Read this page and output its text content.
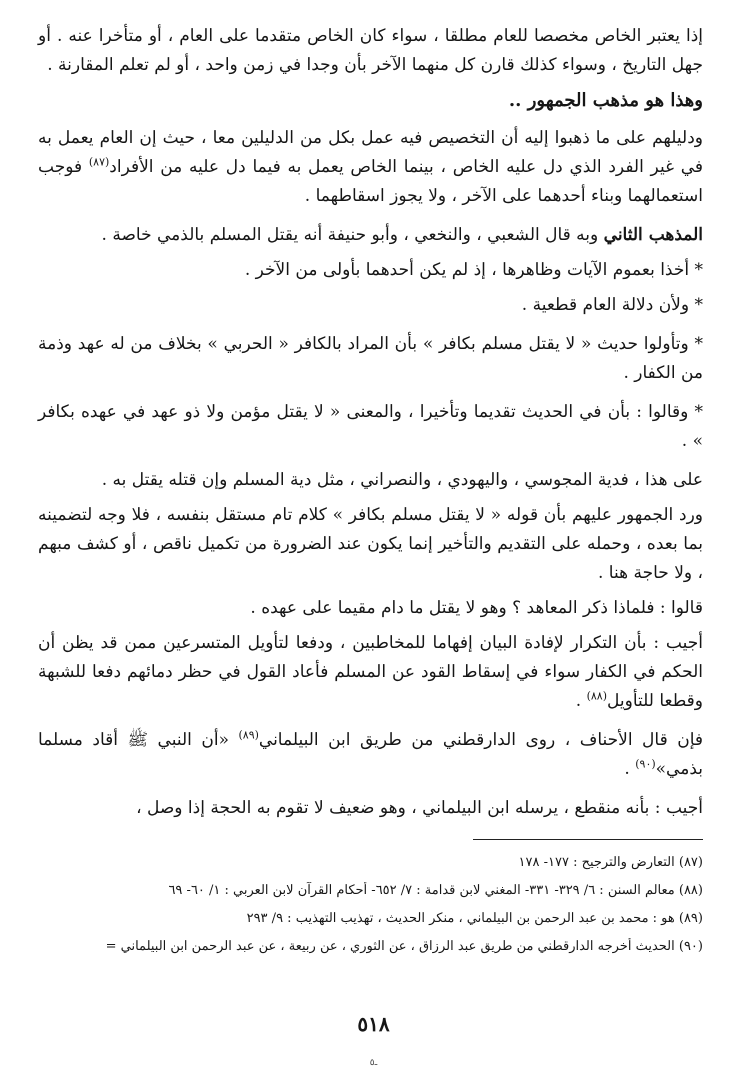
إذا يعتبر الخاص مخصصا للعام مطلقا ، سواء كان الخاص متقدما على العام ، أو متأخرا عنه . أو جهل التاريخ ، وسواء كذلك قارن كل منهما الآخر بأن وجدا في زمن واحد ، أو لم تعلم المقارنة .

وهذا هو مذهب الجمهور ..

ودليلهم على ما ذهبوا إليه أن التخصيص فيه عمل بكل من الدليلين معا ، حيث إن العام يعمل به في غير الفرد الذي دل عليه الخاص ، بينما الخاص يعمل به فيما دل عليه من الأفراد$^{(٨٧)}$ فوجب استعمالهما وبناء أحدهما على الآخر ، ولا يجوز اسقاطهما .

المذهب الثاني وبه قال الشعبي ، والنخعي ، وأبو حنيفة أنه يقتل المسلم بالذمي خاصة .

* أخذا بعموم الآيات وظاهرها ، إذ لم يكن أحدهما بأولى من الآخر .

* ولأن دلالة العام قطعية .

* وتأولوا حديث « لا يقتل مسلم بكافر » بأن المراد بالكافر « الحربي » بخلاف من له عهد وذمة من الكفار .

* وقالوا : بأن في الحديث تقديما وتأخيرا ، والمعنى « لا يقتل مؤمن ولا ذو عهد في عهده بكافر » .

على هذا ، فدية المجوسي ، واليهودي ، والنصراني ، مثل دية المسلم وإن قتله يقتل به .

ورد الجمهور عليهم بأن قوله « لا يقتل مسلم بكافر » كلام تام مستقل بنفسه ، فلا وجه لتضمينه بما بعده ، وحمله على التقديم والتأخير إنما يكون عند الضرورة من تكميل ناقص ، أو كشف مبهم ، ولا حاجة هنا .

قالوا : فلماذا ذكر المعاهد ؟ وهو لا يقتل ما دام مقيما على عهده .

أجيب : بأن التكرار لإفادة البيان إفهاما للمخاطبين ، ودفعا لتأويل المتسرعين ممن قد يظن أن الحكم في الكفار سواء في إسقاط القود عن المسلم فأعاد القول في حظر دمائهم دفعا للشبهة وقطعا للتأويل$^{(٨٨)}$ .

فإن قال الأحناف ، روى الدارقطني من طريق ابن البيلماني$^{(٨٩)}$ «أن النبي ﷺ أقاد مسلما بذمي»$^{(٩٠)}$ .

أجيب : بأنه منقطع ، يرسله ابن البيلماني ، وهو ضعيف لا تقوم به الحجة إذا وصل ،

(٨٧) التعارض والترجيح : ١٧٧- ١٧٨
(٨٨) معالم السنن : ٦/ ٣٢٩- ٣٣١- المغني لابن قدامة : ٧/ ٦٥٢- أحكام القرآن لابن العربي : ١/ ٦٠- ٦٩
(٨٩) هو : محمد بن عبد الرحمن بن البيلماني ، منكر الحديث ، تهذيب التهذيب : ٩/ ٢٩٣
(٩٠) الحديث أخرجه الدارقطني من طريق عبد الرزاق ، عن الثوري ، عن ربيعة ، عن عبد الرحمن ابن البيلماني =
٥١٨
ـ٥
